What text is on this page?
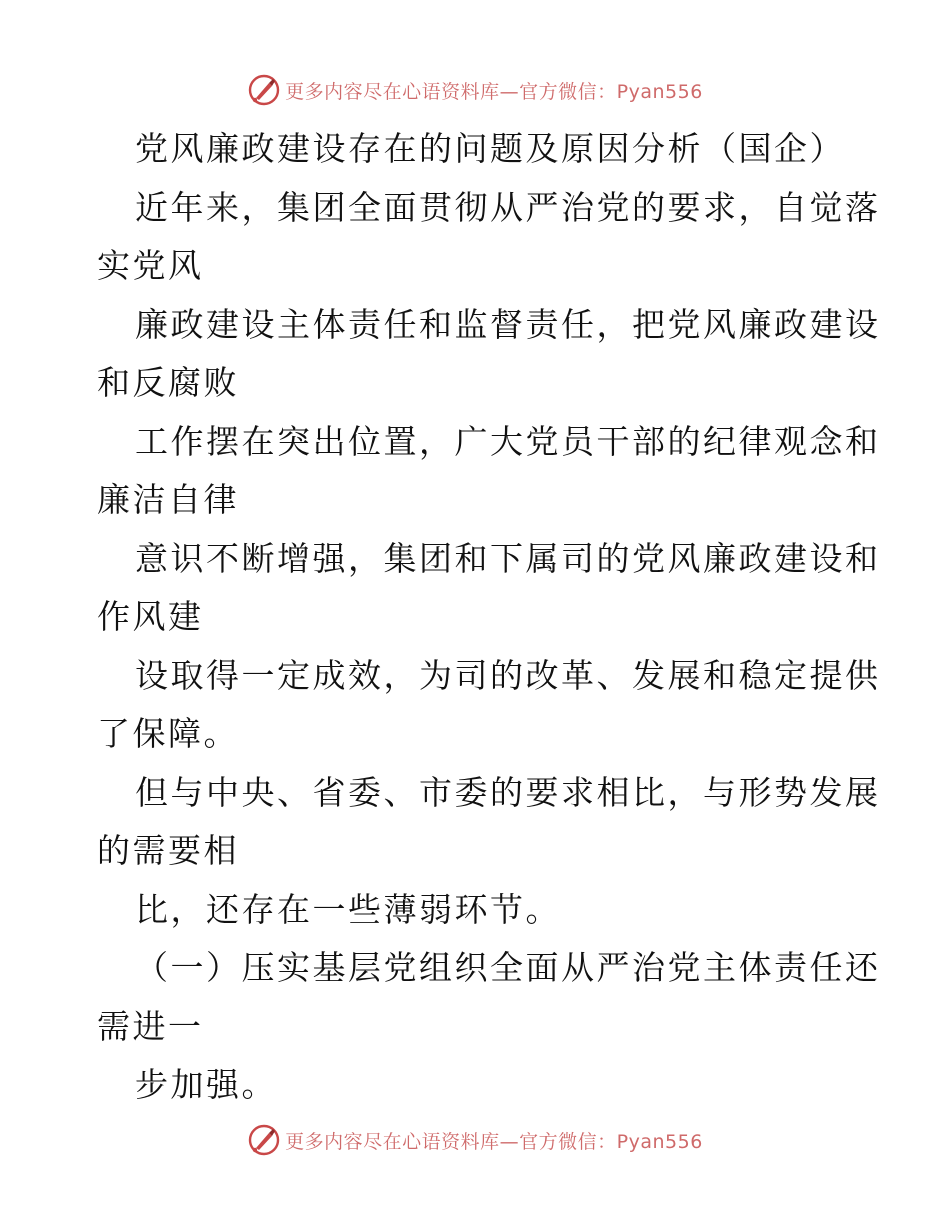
更多内容尽在心语资料库—官方微信：Pyan556
党风廉政建设存在的问题及原因分析（国企）
近年来，集团全面贯彻从严治党的要求，自觉落
实党风
廉政建设主体责任和监督责任，把党风廉政建设
和反腐败
工作摆在突出位置，广大党员干部的纪律观念和
廉洁自律
意识不断增强，集团和下属司的党风廉政建设和
作风建
设取得一定成效，为司的改革、发展和稳定提供
了保障。
但与中央、省委、市委的要求相比，与形势发展
的需要相
比，还存在一些薄弱环节。
（一）压实基层党组织全面从严治党主体责任还
需进一
步加强。
更多内容尽在心语资料库—官方微信：Pyan556
